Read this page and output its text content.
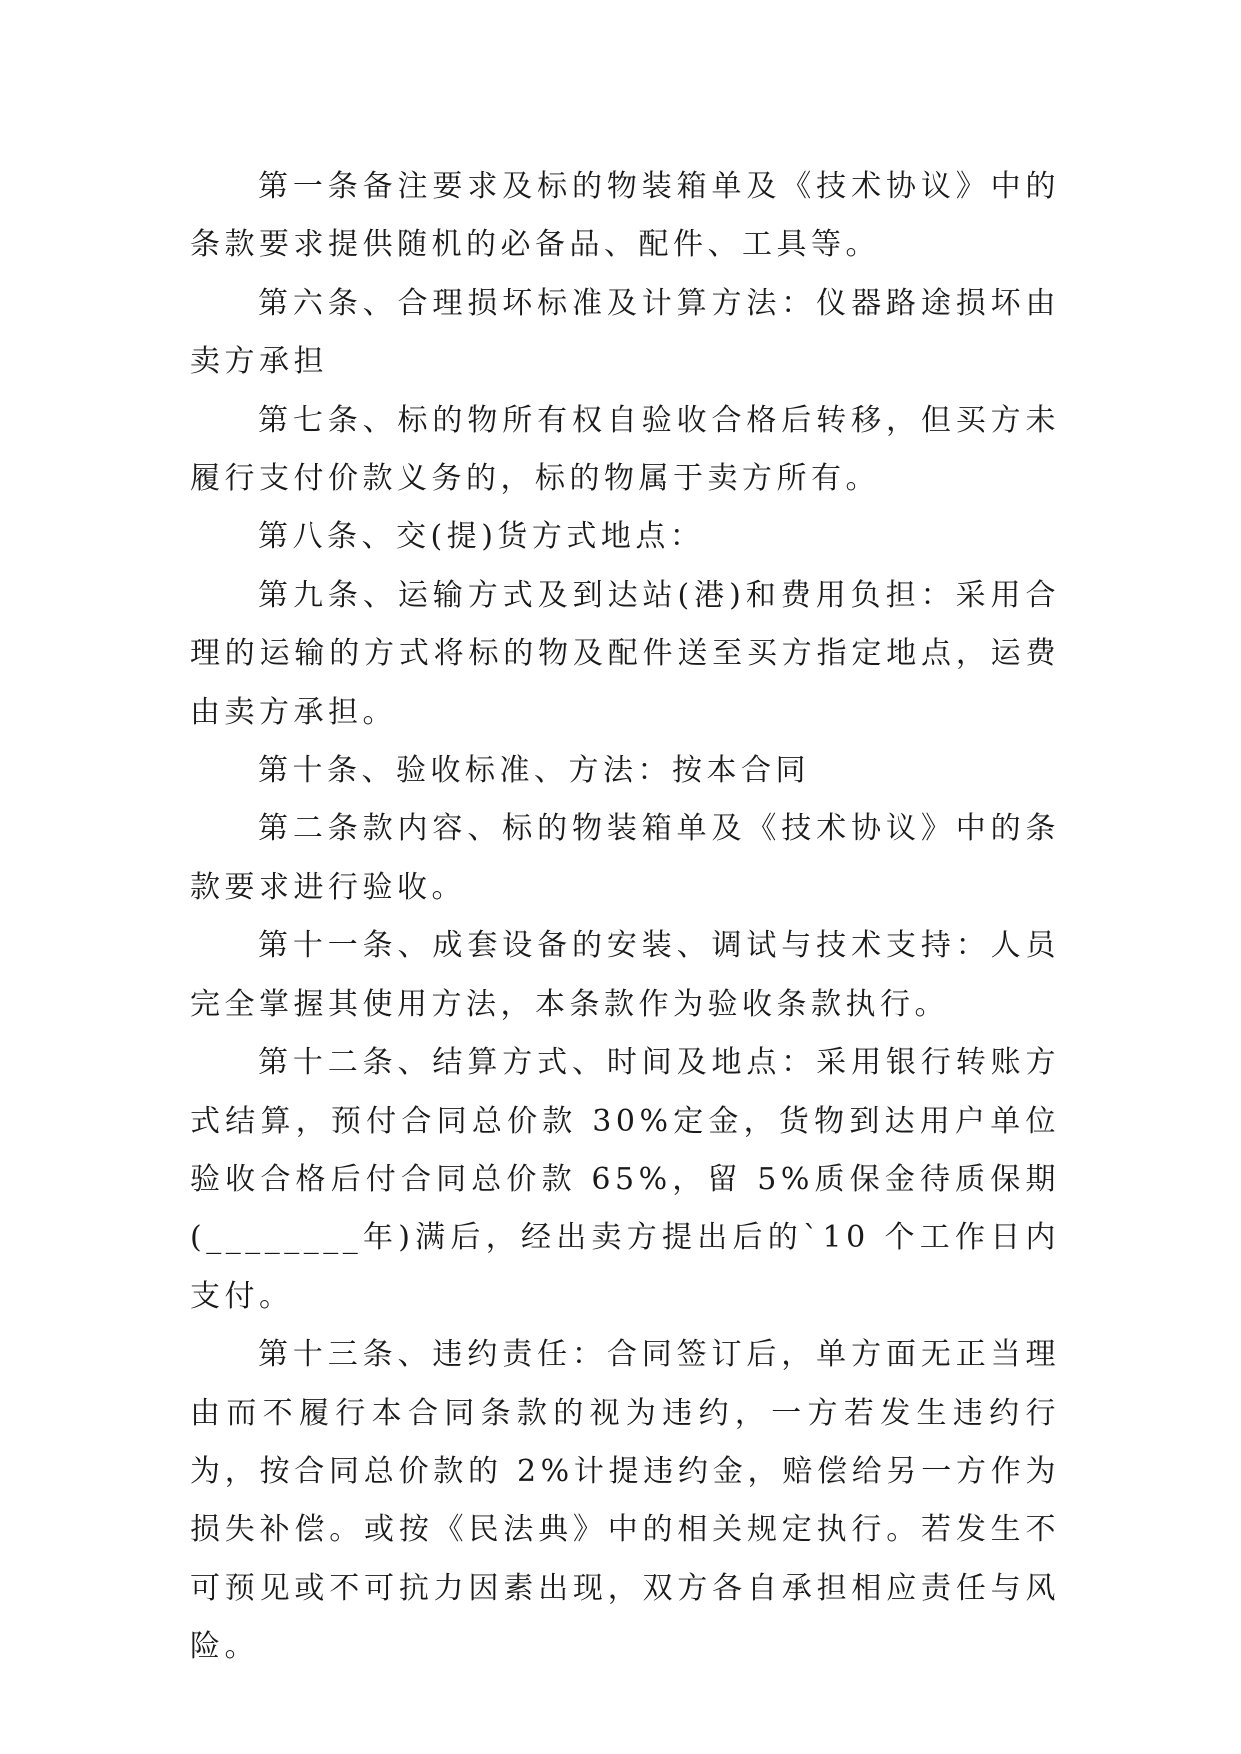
第一条备注要求及标的物装箱单及《技术协议》中的条款要求提供随机的必备品、配件、工具等。

第六条、合理损坏标准及计算方法：仪器路途损坏由卖方承担

第七条、标的物所有权自验收合格后转移，但买方未履行支付价款义务的，标的物属于卖方所有。

第八条、交(提)货方式地点：

第九条、运输方式及到达站(港)和费用负担：采用合理的运输的方式将标的物及配件送至买方指定地点，运费由卖方承担。

第十条、验收标准、方法：按本合同

第二条款内容、标的物装箱单及《技术协议》中的条款要求进行验收。

第十一条、成套设备的安装、调试与技术支持：人员完全掌握其使用方法，本条款作为验收条款执行。

第十二条、结算方式、时间及地点：采用银行转账方式结算，预付合同总价款 30%定金，货物到达用户单位验收合格后付合同总价款 65%，留 5%质保金待质保期(________年)满后，经出卖方提出后的`10 个工作日内支付。

第十三条、违约责任：合同签订后，单方面无正当理由而不履行本合同条款的视为违约，一方若发生违约行为，按合同总价款的 2%计提违约金，赔偿给另一方作为损失补偿。或按《民法典》中的相关规定执行。若发生不可预见或不可抗力因素出现，双方各自承担相应责任与风险。
